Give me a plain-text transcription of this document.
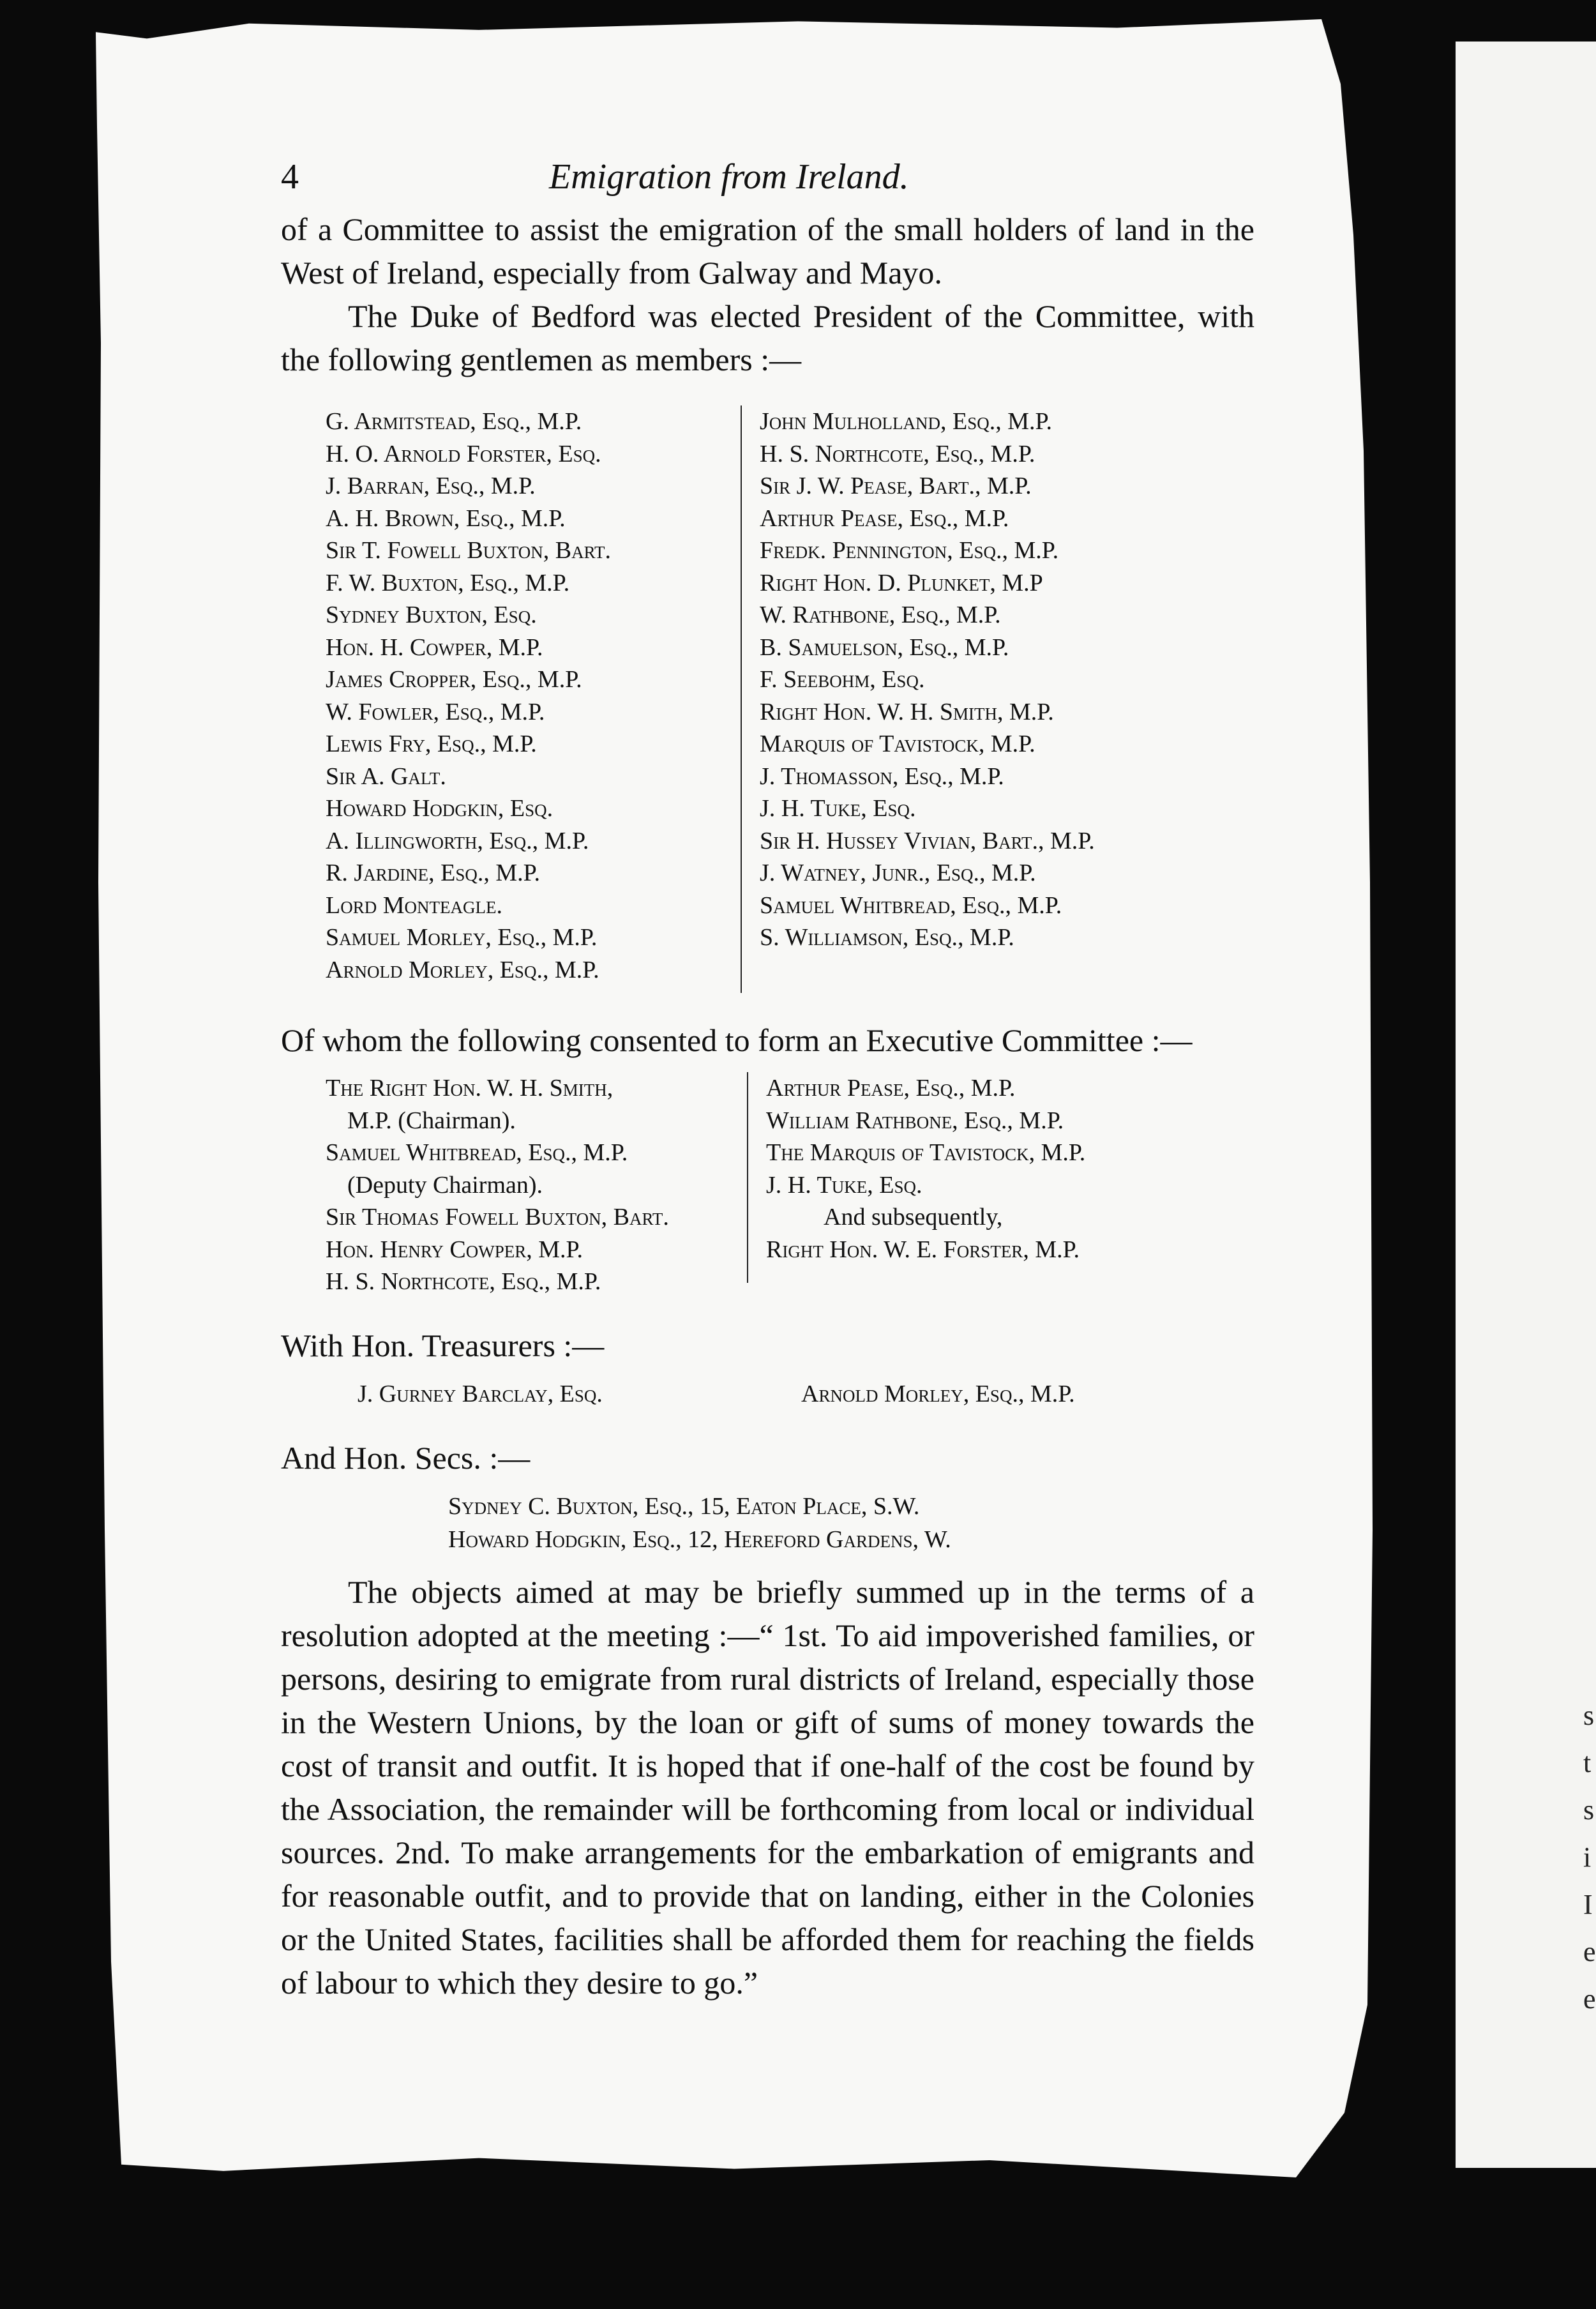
4	Emigration from Ireland.

of a Committee to assist the emigration of the small holders of land in the West of Ireland, especially from Galway and Mayo.

The Duke of Bedford was elected President of the Committee, with the following gentlemen as members :—

G. Armitstead, Esq., M.P.
H. O. Arnold Forster, Esq.
J. Barran, Esq., M.P.
A. H. Brown, Esq., M.P.
Sir T. Fowell Buxton, Bart.
F. W. Buxton, Esq., M.P.
Sydney Buxton, Esq.
Hon. H. Cowper, M.P.
James Cropper, Esq., M.P.
W. Fowler, Esq., M.P.
Lewis Fry, Esq., M.P.
Sir A. Galt.
Howard Hodgkin, Esq.
A. Illingworth, Esq., M.P.
R. Jardine, Esq., M.P.
Lord Monteagle.
Samuel Morley, Esq., M.P.
Arnold Morley, Esq., M.P.
John Mulholland, Esq., M.P.
H. S. Northcote, Esq., M.P.
Sir J. W. Pease, Bart., M.P.
Arthur Pease, Esq., M.P.
Fredk. Pennington, Esq., M.P.
Right Hon. D. Plunket, M.P
W. Rathbone, Esq., M.P.
B. Samuelson, Esq., M.P.
F. Seebohm, Esq.
Right Hon. W. H. Smith, M.P.
Marquis of Tavistock, M.P.
J. Thomasson, Esq., M.P.
J. H. Tuke, Esq.
Sir H. Hussey Vivian, Bart., M.P.
J. Watney, Junr., Esq., M.P.
Samuel Whitbread, Esq., M.P.
S. Williamson, Esq., M.P.

Of whom the following consented to form an Executive Committee :—

The Right Hon. W. H. Smith,
M.P. (Chairman).
Samuel Whitbread, Esq., M.P.
(Deputy Chairman).
Sir Thomas Fowell Buxton, Bart.
Hon. Henry Cowper, M.P.
H. S. Northcote, Esq., M.P.
Arthur Pease, Esq., M.P.
William Rathbone, Esq., M.P.
The Marquis of Tavistock, M.P.
J. H. Tuke, Esq.
And subsequently,
Right Hon. W. E. Forster, M.P.

With Hon. Treasurers :—

J. Gurney Barclay, Esq.	Arnold Morley, Esq., M.P.

And Hon. Secs. :—

Sydney C. Buxton, Esq., 15, Eaton Place, S.W.
Howard Hodgkin, Esq., 12, Hereford Gardens, W.

The objects aimed at may be briefly summed up in the terms of a resolution adopted at the meeting :—“ 1st. To aid impoverished families, or persons, desiring to emigrate from rural districts of Ireland, especially those in the Western Unions, by the loan or gift of sums of money towards the cost of transit and outfit. It is hoped that if one-half of the cost be found by the Association, the remainder will be forthcoming from local or individual sources. 2nd. To make arrangements for the embarkation of emigrants and for reasonable outfit, and to provide that on landing, either in the Colonies or the United States, facilities shall be afforded them for reaching the fields of labour to which they desire to go.”

s
t
s
i
I
e
e
